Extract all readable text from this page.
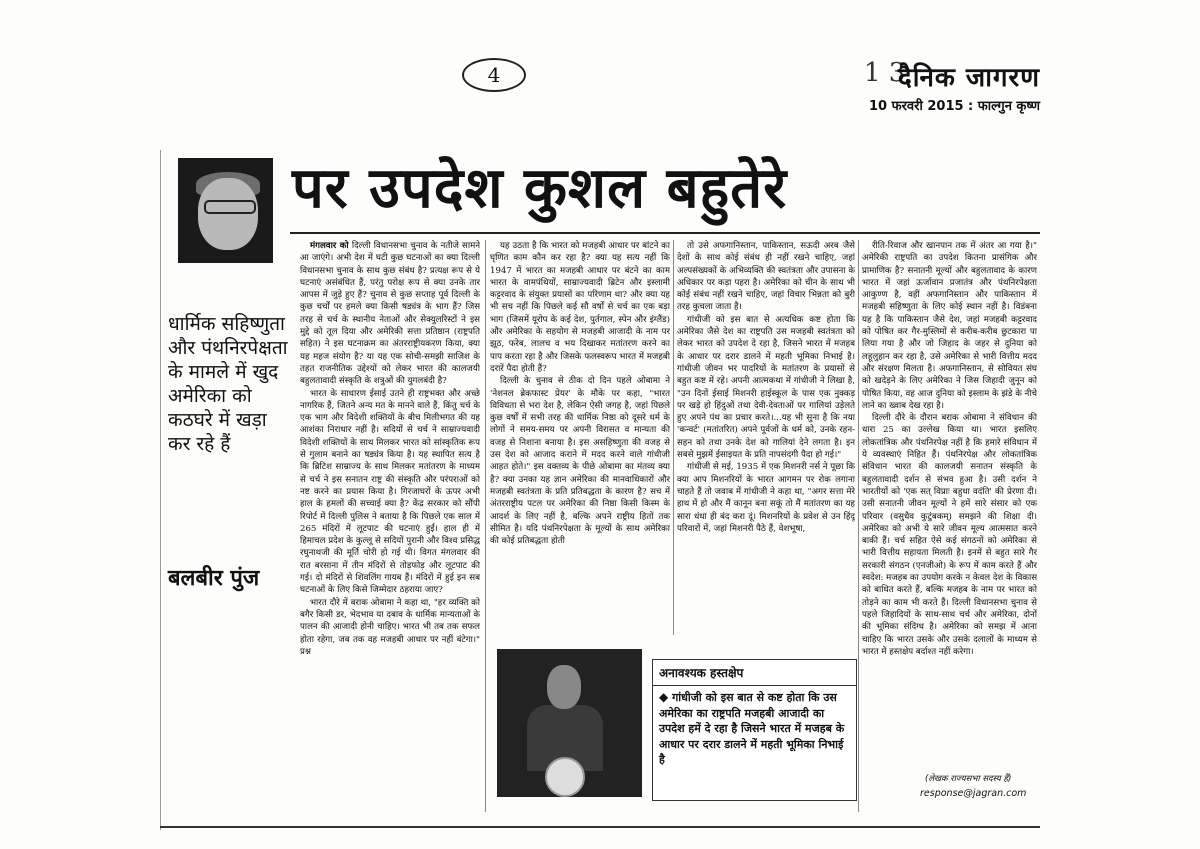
4	1 3
दैनिक जागरण
10 फरवरी 2015 : फाल्गुन कृष्ण
पर उपदेश कुशल बहुतेरे
धार्मिक सहिष्णुता और पंथनिरपेक्षता के मामले में खुद अमेरिका को कठघरे में खड़ा कर रहे हैं
बलबीर पुंज

मंगलवार को दिल्ली विधानसभा चुनाव के नतीजे सामने आ जाएंगे। अभी देश में घटी कुछ घटनाओं का क्या दिल्ली विधानसभा चुनाव के साथ कुछ संबंध है? प्रत्यक्ष रूप से ये घटनाएं असंबंधित हैं, परंतु परोक्ष रूप से क्या उनके तार आपस में जुड़े हुए हैं? चुनाव से कुछ सप्ताह पूर्व दिल्ली के कुछ चर्चों पर हमले क्या किसी षड्यंत्र के भाग हैं? जिस तरह से चर्च के स्थानीय नेताओं और सेक्युलरिस्टों ने इस मुद्दे को तूल दिया और अमेरिकी सत्ता प्रतिष्ठान (राष्ट्रपति सहित) ने इस घटनाक्रम का अंतरराष्ट्रीयकरण किया, क्या यह महज संयोग है? या यह एक सोची-समझी साजिश के तहत राजनीतिक उद्देश्यों को लेकर भारत की कालजयी बहुलतावादी संस्कृति के शत्रुओं की युगलबंदी है?

भारत के साधारण ईसाई उतने ही राष्ट्रभक्त और अच्छे नागरिक हैं, जितने अन्य मत के मानने वाले हैं, किंतु चर्च के एक भाग और विदेशी शक्तियों के बीच मिलीभगत की यह आशंका निराधार नहीं है। सदियों से चर्च ने साम्राज्यवादी विदेशी शक्तियों के साथ मिलकर भारत को सांस्कृतिक रूप से गुलाम बनाने का षड्यंत्र किया है। यह स्थापित सत्य है कि ब्रिटिश साम्राज्य के साथ मिलकर मतांतरण के माध्यम से चर्च ने इस सनातन राष्ट्र की संस्कृति और परंपराओं को नष्ट करने का प्रयास किया है। गिरजाघरों के ऊपर अभी हाल के हमलों की सच्चाई क्या है? केंद्र सरकार को सौंपी रिपोर्ट में दिल्ली पुलिस ने बताया है कि पिछले एक साल में 265 मंदिरों में लूटपाट की घटनाएं हुईं। हाल ही में हिमाचल प्रदेश के कुल्लू से सदियों पुरानी और विश्व प्रसिद्ध रघुनाथजी की मूर्ति चोरी हो गई थी। विगत मंगलवार की रात बरसाना में तीन मंदिरों से तोड़फोड़ और लूटपाट की गई। दो मंदिरों से शिवलिंग गायब हैं। मंदिरों में हुई इन सब घटनाओं के लिए किसे जिम्मेदार ठहराया जाए?

भारत दौरे में बराक ओबामा ने कहा था, "हर व्यक्ति को बगैर किसी डर, भेदभाव या दबाव के धार्मिक मान्यताओं के पालन की आजादी होनी चाहिए। भारत भी तब तक सफल होता रहेगा, जब तक वह मजहबी आधार पर नहीं बंटेगा।" प्रश्न

यह उठता है कि भारत को मजहबी आधार पर बांटने का घृणित काम कौन कर रहा है? क्या यह सत्य नहीं कि 1947 में भारत का मजहबी आधार पर बंटने का काम भारत के वामपंथियों, साम्राज्यवादी ब्रिटेन और इस्लामी कट्टरवाद के संयुक्त प्रयासों का परिणाम था? और क्या यह भी सच नहीं कि पिछले कई सौ वर्षों से चर्च का एक बड़ा भाग (जिसमें यूरोप के कई देश, पुर्तगाल, स्पेन और इंग्लैंड) और अमेरिका के सहयोग से मजहबी आजादी के नाम पर झूठ, फरेब, लालच व भय दिखाकर मतांतरण करने का पाप करता रहा है और जिसके फलस्वरूप भारत में मजहबी दरारें पैदा होती हैं?

दिल्ली के चुनाव से ठीक दो दिन पहले ओबामा ने 'नेशनल ब्रेकफास्ट प्रेयर' के मौके पर कहा, "भारत विविधता से भरा देश है, लेकिन ऐसी जगह है, जहां पिछले कुछ वर्षों में सभी तरह की धार्मिक निष्ठा को दूसरे धर्म के लोगों ने समय-समय पर अपनी विरासत व मान्यता की वजह से निशाना बनाया है। इस असहिष्णुता की वजह से उस देश को आजाद कराने में मदद करने वाले गांधीजी आहत होते।" इस वक्तव्य के पीछे ओबामा का मंतव्य क्या है? क्या उनका यह ज्ञान अमेरिका की मानवाधिकारों और मजहबी स्वतंत्रता के प्रति प्रतिबद्धता के कारण है? सच में अंतरराष्ट्रीय पटल पर अमेरिका की निष्ठा किसी किस्म के आदर्श के लिए नहीं है, बल्कि अपने राष्ट्रीय हितों तक सीमित है। यदि पंथनिरपेक्षता के मूल्यों के साथ अमेरिका की कोई प्रतिबद्धता होती

तो उसे अफगानिस्तान, पाकिस्तान, सऊदी अरब जैसे देशों के साथ कोई संबंध ही नहीं रखने चाहिए, जहां अल्पसंख्यकों के अभिव्यक्ति की स्वतंत्रता और उपासना के अधिकार पर कड़ा पहरा है। अमेरिका को चीन के साथ भी कोई संबंध नहीं रखने चाहिए, जहां विचार भिन्नता को बुरी तरह कुचला जाता है।

गांधीजी को इस बात से अत्यधिक कष्ट होता कि अमेरिका जैसे देश का राष्ट्रपति उस मजहबी स्वतंत्रता को लेकर भारत को उपदेश दे रहा है, जिसने भारत में मजहब के आधार पर दरार डालने में महती भूमिका निभाई है। गांधीजी जीवन भर पादरियों के मतांतरण के प्रयासों से बहुत कष्ट में रहे। अपनी आत्मकथा में गांधीजी ने लिखा है, "उन दिनों ईसाई मिशनरी हाईस्कूल के पास एक नुक्कड़ पर खड़े हो हिंदुओं तथा देवी-देवताओं पर गालियां उड़ेलते हुए अपने पंथ का प्रचार करते।...यह भी सुना है कि नया 'कन्वर्ट' (मतांतरित) अपने पूर्वजों के धर्म को, उनके रहन-सहन को तथा उनके देश को गालियां देने लगता है। इन सबसे मुझमें ईसाइयत के प्रति नापसंदगी पैदा हो गई।"

गांधीजी से मई, 1935 में एक मिशनरी नर्स ने पूछा कि क्या आप मिशनरियों के भारत आगमन पर रोक लगाना चाहते हैं तो जवाब में गांधीजी ने कहा था, "अगर सत्ता मेरे हाथ में हो और मैं कानून बना सकूं तो मैं मतांतरण का यह सारा धंधा ही बंद करा दूं। मिशनरियों के प्रवेश से उन हिंदू परिवारों में, जहां मिशनरी पैठे हैं, वेशभूषा,

रीति-रिवाज और खानपान तक में अंतर आ गया है।" अमेरिकी राष्ट्रपति का उपदेश कितना प्रासंगिक और प्रामाणिक है? सनातनी मूल्यों और बहुलतावाद के कारण भारत में जहां ऊर्जावान प्रजातंत्र और पंथनिरपेक्षता आकुण्ण है, वहीं अफगानिस्तान और पाकिस्तान में मजहबी सहिष्णुता के लिए कोई स्थान नहीं है। विडंबना यह है कि पाकिस्तान जैसे देश, जहां मजहबी कट्टरवाद को पोषित कर गैर-मुस्लिमों से करीब-करीब छुटकारा पा लिया गया है और जो जिहाद के जहर से दुनिया को लहूलुहान कर रहा है, उसे अमेरिका से भारी वित्तीय मदद और संरक्षण मिलता है। अफगानिस्तान, से सोवियत संघ को खदेड़ने के लिए अमेरिका ने जिस जिहादी जुनून को पोषित किया, वह आज दुनिया को इस्लाम के झंडे के नीचे लाने का ख्वाब देख रहा है।

दिल्ली दौरे के दौरान बराक ओबामा ने संविधान की धारा 25 का उल्लेख किया था। भारत इसलिए लोकतांत्रिक और पंथनिरपेक्ष नहीं है कि हमारे संविधान में ये व्यवस्थाएं निहित हैं। पंथनिरपेक्ष और लोकतांत्रिक संविधान भारत की कालजयी सनातन संस्कृति के बहुलतावादी दर्शन से संभव हुआ है। उसी दर्शन ने भारतीयों को 'एक सत् विप्राः बहुधा वदंति' की प्रेरणा दी। उसी सनातनी जीवन मूल्यों ने हमें सारे संसार को एक परिवार (वसुधैव कुटुंबकम्) समझने की शिक्षा दी। अमेरिका को अभी ये सारे जीवन मूल्य आत्मसात करने बाकी हैं। चर्च सहित ऐसे कई संगठनों को अमेरिका से भारी वित्तीय सहायता मिलती है। इनमें से बहुत सारे गैर सरकारी संगठन (एनजीओ) के रूप में काम करते हैं और स्वदेश: मजहब का उपयोग करके न केवल देश के विकास को बाधित करते हैं, बल्कि मजहब के नाम पर भारत को तोड़ने का काम भी करते हैं। दिल्ली विधानसभा चुनाव से पहले जिहादियों के साथ-साथ चर्च और अमेरिका, दोनों की भूमिका संदिग्ध है। अमेरिका को समझ में आना चाहिए कि भारत उसके और उसके दलालों के माध्यम से भारत में हस्तक्षेप बर्दाश्त नहीं करेगा।

अनावश्यक हस्तक्षेप
◆ गांधीजी को इस बात से कष्ट होता कि उस अमेरिका का राष्ट्रपति मजहबी आजादी का उपदेश हमें दे रहा है जिसने भारत में मजहब के आधार पर दरार डालने में महती भूमिका निभाई है
(लेखक राज्यसभा सदस्य हैं)
response@jagran.com
